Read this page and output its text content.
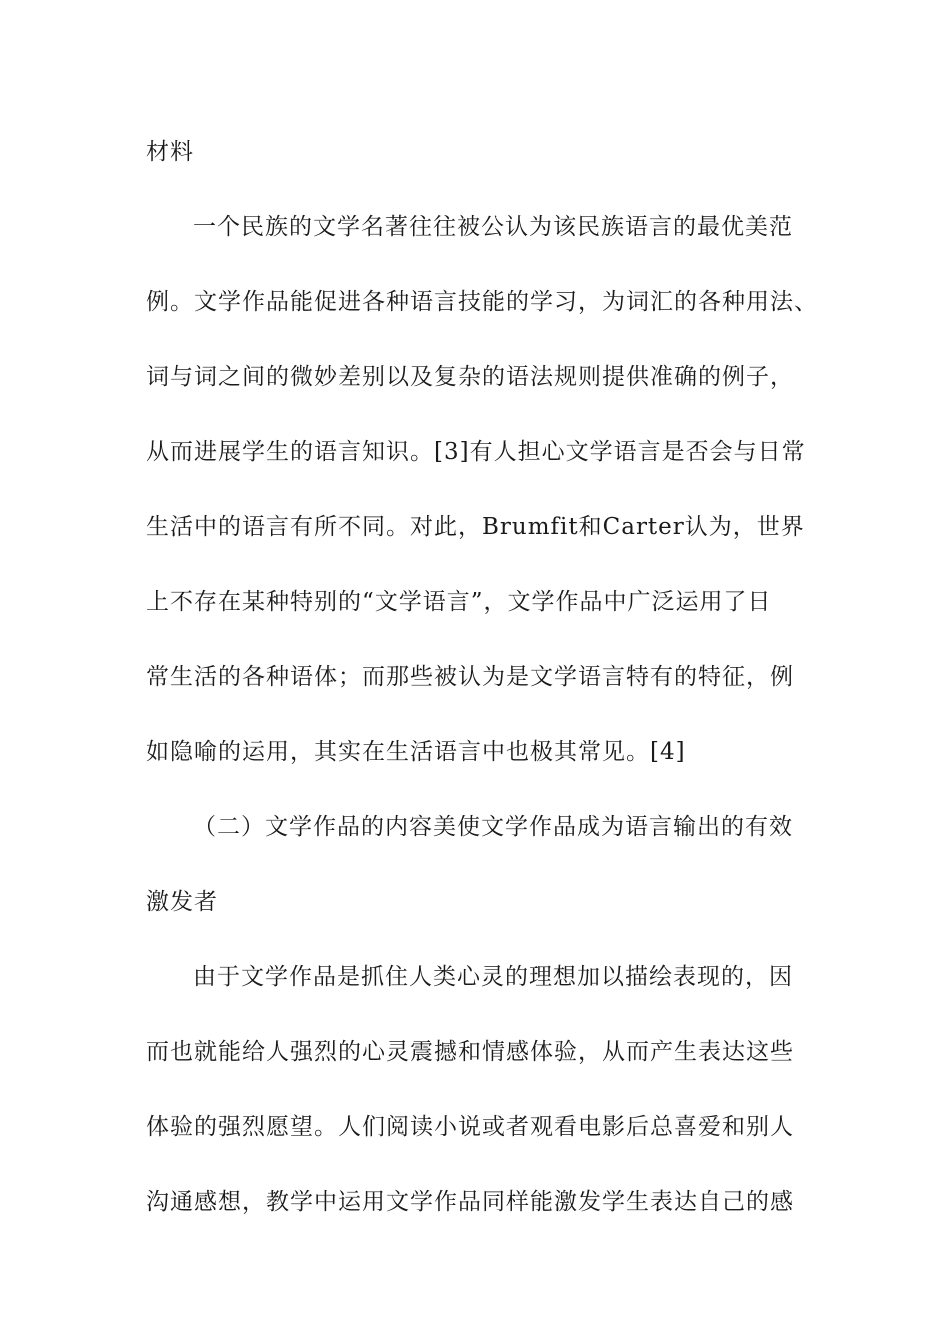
材料
一个民族的文学名著往往被公认为该民族语言的最优美范
例。文学作品能促进各种语言技能的学习，为词汇的各种用法、
词与词之间的微妙差别以及复杂的语法规则提供准确的例子，
从而进展学生的语言知识。[3]有人担心文学语言是否会与日常
生活中的语言有所不同。对此，Brumfit和Carter认为，世界
上不存在某种特别的“文学语言”，文学作品中广泛运用了日
常生活的各种语体；而那些被认为是文学语言特有的特征，例
如隐喻的运用，其实在生活语言中也极其常见。[4]
（二）文学作品的内容美使文学作品成为语言输出的有效
激发者
由于文学作品是抓住人类心灵的理想加以描绘表现的，因
而也就能给人强烈的心灵震撼和情感体验，从而产生表达这些
体验的强烈愿望。人们阅读小说或者观看电影后总喜爱和别人
沟通感想，教学中运用文学作品同样能激发学生表达自己的感
